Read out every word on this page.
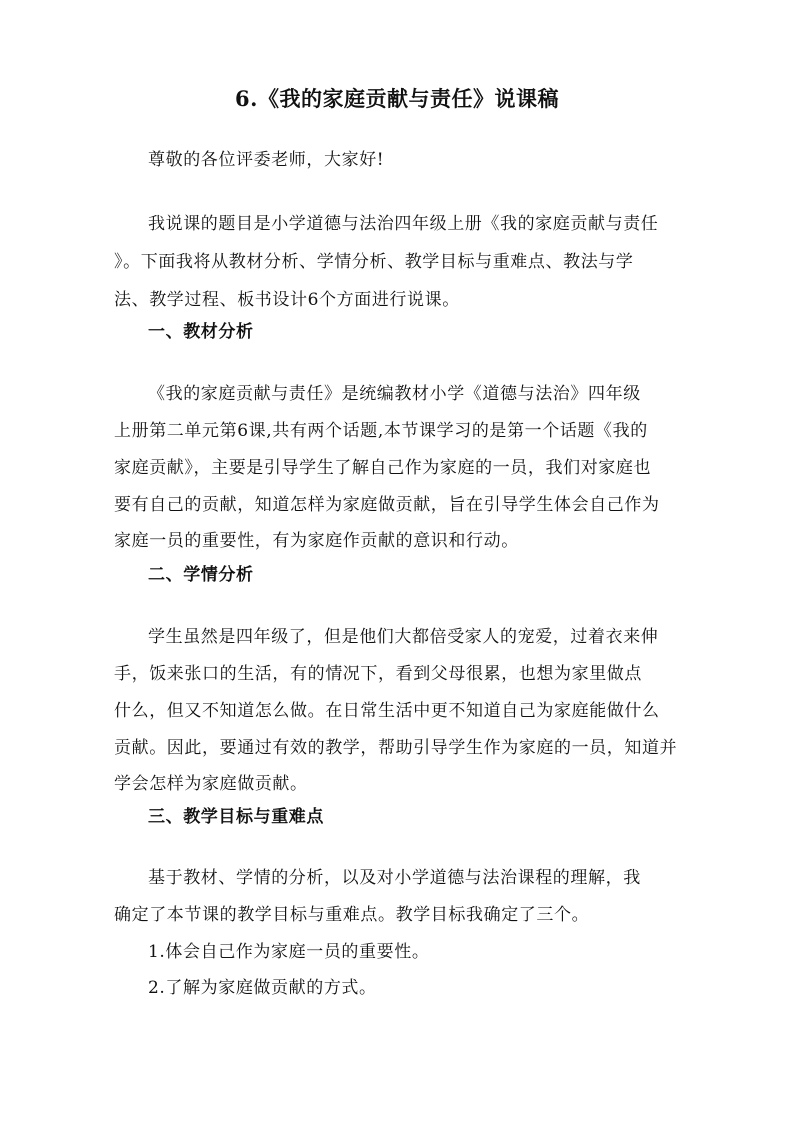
6.《我的家庭贡献与责任》说课稿
尊敬的各位评委老师，大家好!
我说课的题目是小学道德与法治四年级上册《我的家庭贡献与责任
》。下面我将从教材分析、学情分析、教学目标与重难点、教法与学
法、教学过程、板书设计6个方面进行说课。
一、教材分析
《我的家庭贡献与责任》是统编教材小学《道德与法治》四年级
上册第二单元第6课,共有两个话题,本节课学习的是第一个话题《我的
家庭贡献》，主要是引导学生了解自己作为家庭的一员，我们对家庭也
要有自己的贡献，知道怎样为家庭做贡献，旨在引导学生体会自己作为
家庭一员的重要性，有为家庭作贡献的意识和行动。
二、学情分析
学生虽然是四年级了，但是他们大都倍受家人的宠爱，过着衣来伸
手，饭来张口的生活，有的情况下，看到父母很累，也想为家里做点
什么，但又不知道怎么做。在日常生活中更不知道自己为家庭能做什么
贡献。因此，要通过有效的教学，帮助引导学生作为家庭的一员，知道并
学会怎样为家庭做贡献。
三、教学目标与重难点
基于教材、学情的分析，以及对小学道德与法治课程的理解，我
确定了本节课的教学目标与重难点。教学目标我确定了三个。
1.体会自己作为家庭一员的重要性。
2.了解为家庭做贡献的方式。
